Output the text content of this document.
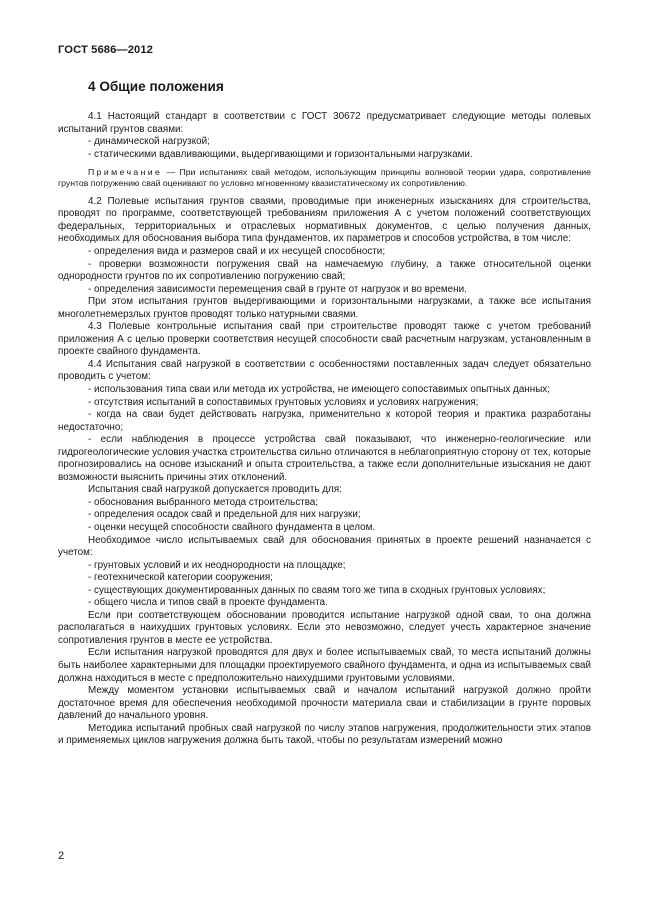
ГОСТ 5686—2012
4 Общие положения

4.1 Настоящий стандарт в соответствии с ГОСТ 30672 предусматривает следующие методы полевых испытаний грунтов сваями:

- динамической нагрузкой;

- статическими вдавливающими, выдергивающими и горизонтальными нагрузками.

Примечание — При испытаниях свай методом, использующим принципы волновой теории удара, сопротивление грунтов погружению свай оценивают по условно мгновенному квазистатическому их сопротивлению.

4.2 Полевые испытания грунтов сваями, проводимые при инженерных изысканиях для строительства, проводят по программе, соответствующей требованиям приложения А с учетом положений соответствующих федеральных, территориальных и отраслевых нормативных документов, с целью получения данных, необходимых для обоснования выбора типа фундаментов, их параметров и способов устройства, в том числе:

- определения вида и размеров свай и их несущей способности;

- проверки возможности погружения свай на намечаемую глубину, а также относительной оценки однородности грунтов по их сопротивлению погружению свай;

- определения зависимости перемещения свай в грунте от нагрузок и во времени.

При этом испытания грунтов выдергивающими и горизонтальными нагрузками, а также все испытания многолетнемерзлых грунтов проводят только натурными сваями.

4.3 Полевые контрольные испытания свай при строительстве проводят также с учетом требований приложения А с целью проверки соответствия несущей способности свай расчетным нагрузкам, установленным в проекте свайного фундамента.

4.4 Испытания свай нагрузкой в соответствии с особенностями поставленных задач следует обязательно проводить с учетом:

- использования типа сваи или метода их устройства, не имеющего сопоставимых опытных данных;

- отсутствия испытаний в сопоставимых грунтовых условиях и условиях нагружения;

- когда на сваи будет действовать нагрузка, применительно к которой теория и практика разработаны недостаточно;

- если наблюдения в процессе устройства свай показывают, что инженерно-геологические или гидрогеологические условия участка строительства сильно отличаются в неблагоприятную сторону от тех, которые прогнозировались на основе изысканий и опыта строительства, а также если дополнительные изыскания не дают возможности выяснить причины этих отклонений.

Испытания свай нагрузкой допускается проводить для:

- обоснования выбранного метода строительства;

- определения осадок свай и предельной для них нагрузки;

- оценки несущей способности свайного фундамента в целом.

Необходимое число испытываемых свай для обоснования принятых в проекте решений назначается с учетом:

- грунтовых условий и их неоднородности на площадке;

- геотехнической категории сооружения;

- существующих документированных данных по сваям того же типа в сходных грунтовых условиях;

- общего числа и типов свай в проекте фундамента.

Если при соответствующем обосновании проводится испытание нагрузкой одной сваи, то она должна располагаться в наихудших грунтовых условиях. Если это невозможно, следует учесть характерное значение сопротивления грунтов в месте ее устройства.

Если испытания нагрузкой проводятся для двух и более испытываемых свай, то места испытаний должны быть наиболее характерными для площадки проектируемого свайного фундамента, и одна из испытываемых свай должна находиться в месте с предположительно наихудшими грунтовыми условиями.

Между моментом установки испытываемых свай и началом испытаний нагрузкой должно пройти достаточное время для обеспечения необходимой прочности материала сваи и стабилизации в грунте поровых давлений до начального уровня.

Методика испытаний пробных свай нагрузкой по числу этапов нагружения, продолжительности этих этапов и применяемых циклов нагружения должна быть такой, чтобы по результатам измерений можно

2
